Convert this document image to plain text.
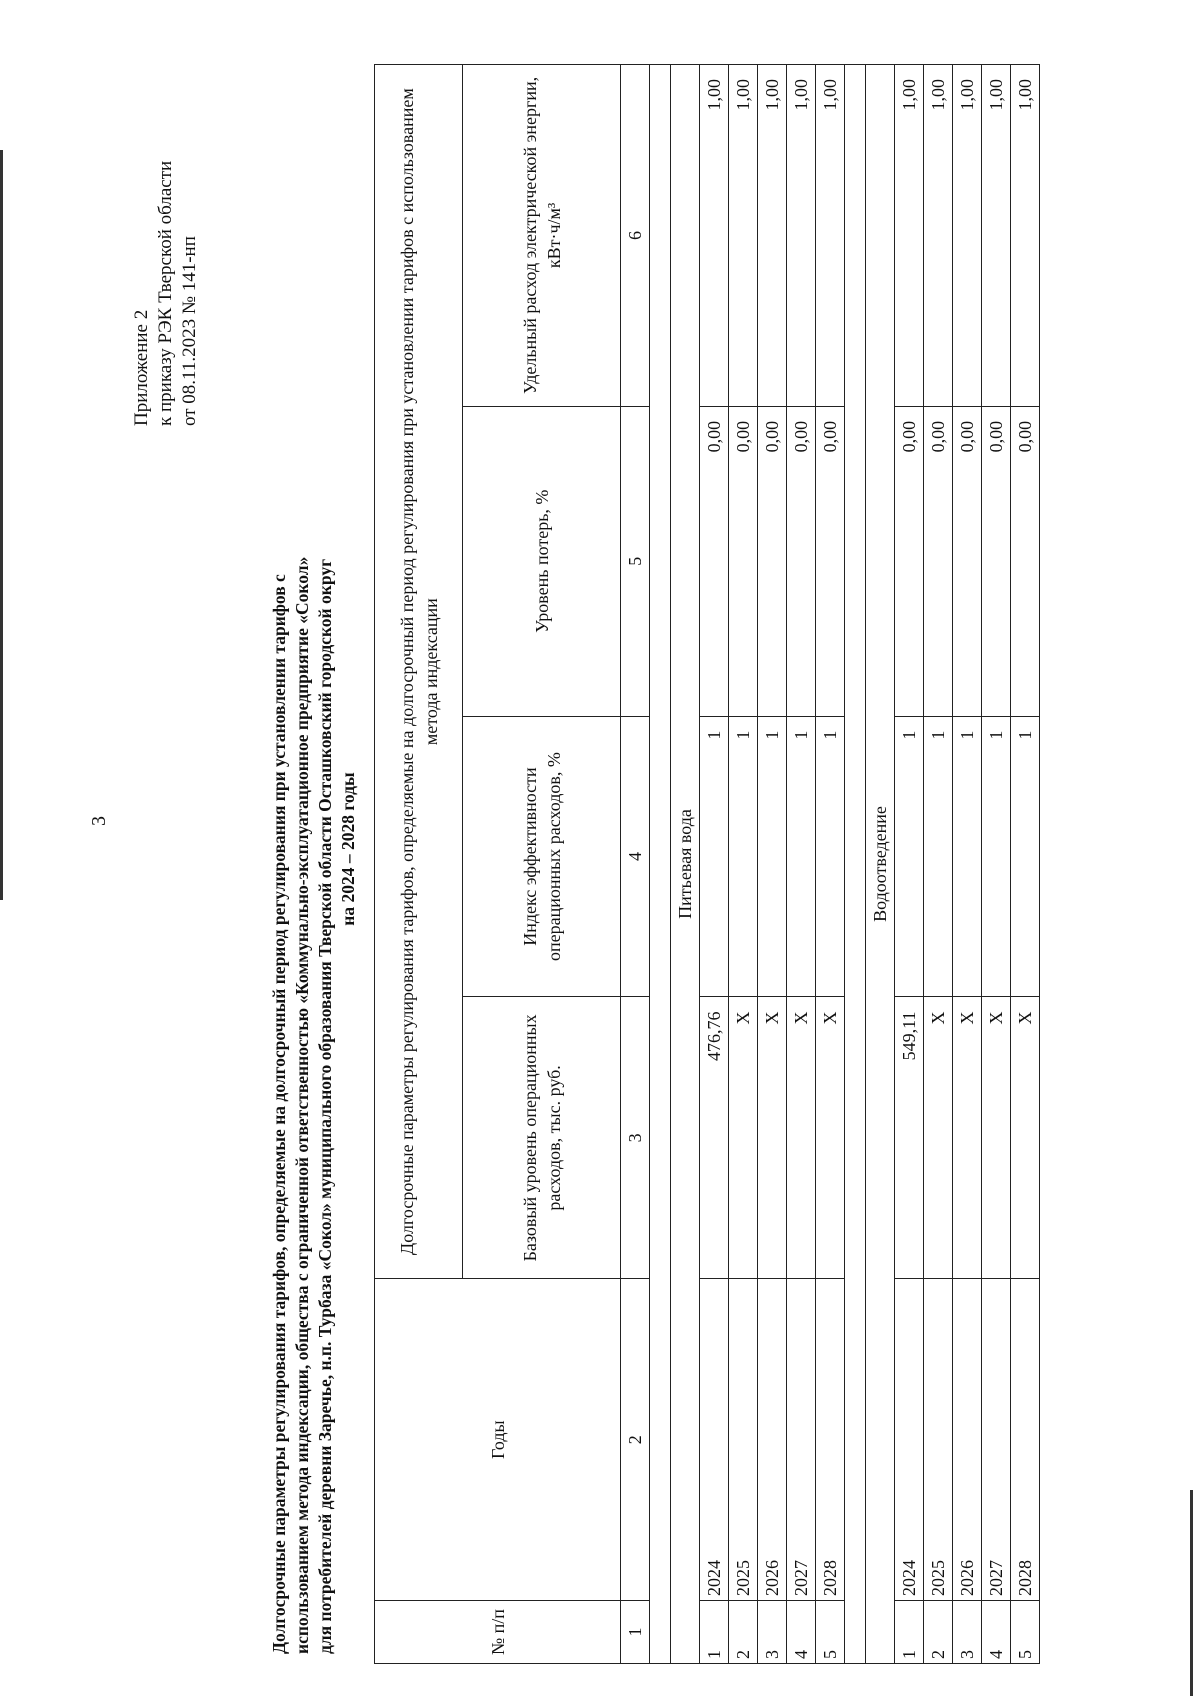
3
Приложение 2 к приказу РЭК Тверской области от 08.11.2023 № 141-нп
Долгосрочные параметры регулирования тарифов, определяемые на долгосрочный период регулирования при установлении тарифов с использованием метода индексации, общества с ограниченной ответственностью «Коммунально-эксплуатационное предприятие «Сокол» для потребителей деревни Заречье, н.п. Турбаза «Сокол» муниципального образования Тверской области Осташковский городской округ на 2024 – 2028 годы
№ п/п	Годы	Долгосрочные параметры регулирования тарифов, определяемые на долгосрочный период регулирования при установлении тарифов с использованием метода индексации			
		Базовый уровень операционных расходов, тыс. руб.	Индекс эффективности операционных расходов, %	Уровень потерь, %	Удельный расход электрической энергии, кВт·ч/м³
1	2	3	4	5	6

Питьевая вода					
1	2024	476,76	1	0,00	1,00
2	2025	X	1	0,00	1,00
3	2026	X	1	0,00	1,00
4	2027	X	1	0,00	1,00
5	2028	X	1	0,00	1,00

Водоотведение					
1	2024	549,11	1	0,00	1,00
2	2025	X	1	0,00	1,00
3	2026	X	1	0,00	1,00
4	2027	X	1	0,00	1,00
5	2028	X	1	0,00	1,00
